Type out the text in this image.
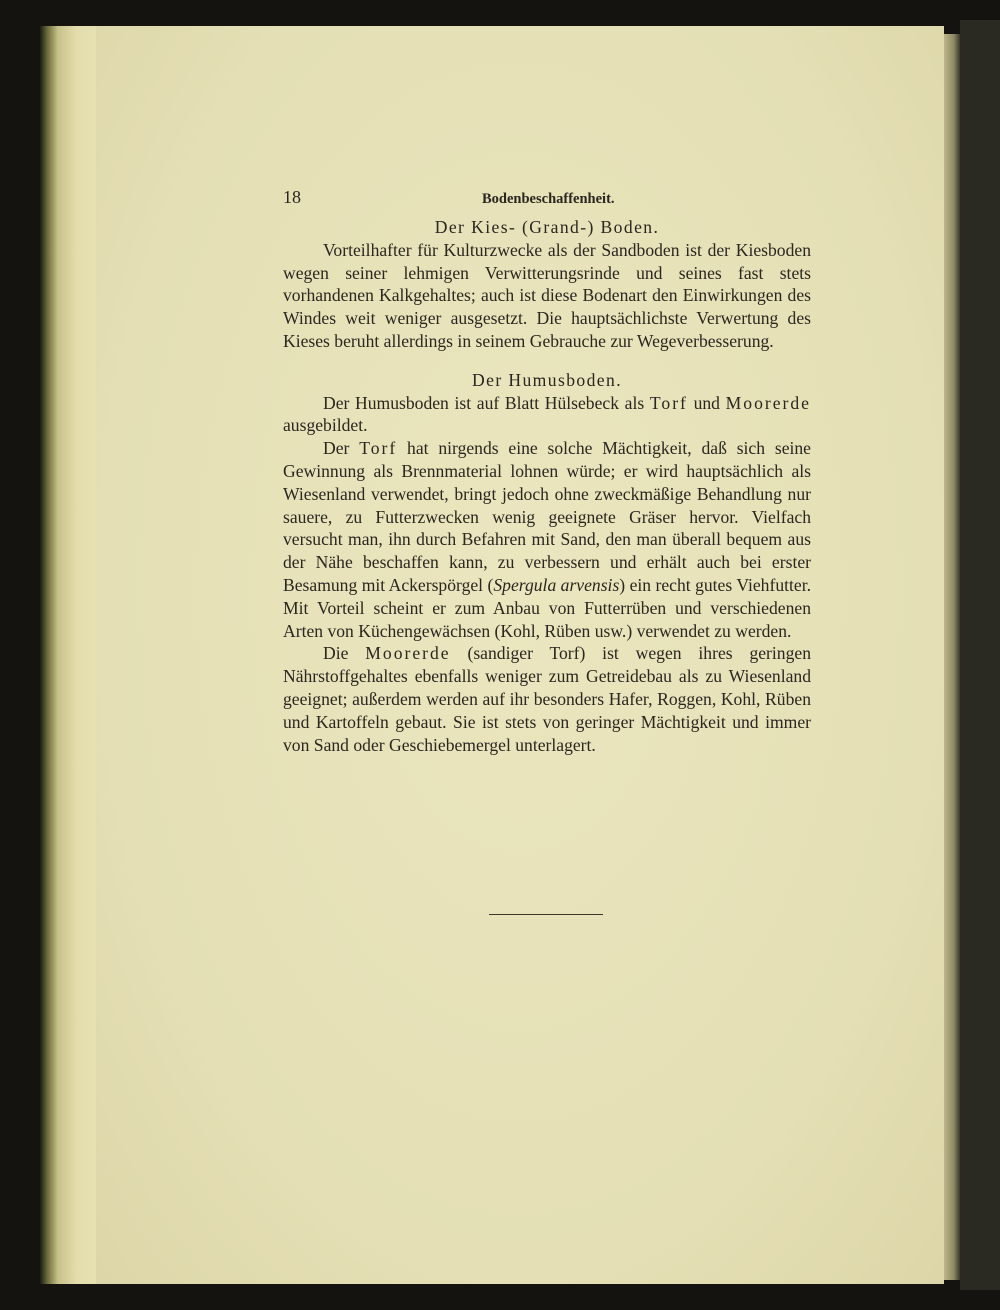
18	Bodenbeschaffenheit.
Der Kies- (Grand-) Boden.

Vorteilhafter für Kulturzwecke als der Sandboden ist der Kiesboden wegen seiner lehmigen Verwitterungsrinde und seines fast stets vorhandenen Kalkgehaltes; auch ist diese Bodenart den Einwirkungen des Windes weit weniger ausgesetzt. Die hauptsächlichste Verwertung des Kieses beruht allerdings in seinem Gebrauche zur Wegeverbesserung.

Der Humusboden.

Der Humusboden ist auf Blatt Hülsebeck als Torf und Moorerde ausgebildet.

Der Torf hat nirgends eine solche Mächtigkeit, daß sich seine Gewinnung als Brennmaterial lohnen würde; er wird hauptsächlich als Wiesenland verwendet, bringt jedoch ohne zweckmäßige Behandlung nur sauere, zu Futterzwecken wenig geeignete Gräser hervor. Vielfach versucht man, ihn durch Befahren mit Sand, den man überall bequem aus der Nähe beschaffen kann, zu verbessern und erhält auch bei erster Besamung mit Ackerspörgel (Spergula arvensis) ein recht gutes Viehfutter. Mit Vorteil scheint er zum Anbau von Futterrüben und verschiedenen Arten von Küchengewächsen (Kohl, Rüben usw.) verwendet zu werden.

Die Moorerde (sandiger Torf) ist wegen ihres geringen Nährstoffgehaltes ebenfalls weniger zum Getreidebau als zu Wiesenland geeignet; außerdem werden auf ihr besonders Hafer, Roggen, Kohl, Rüben und Kartoffeln gebaut. Sie ist stets von geringer Mächtigkeit und immer von Sand oder Geschiebemergel unterlagert.
